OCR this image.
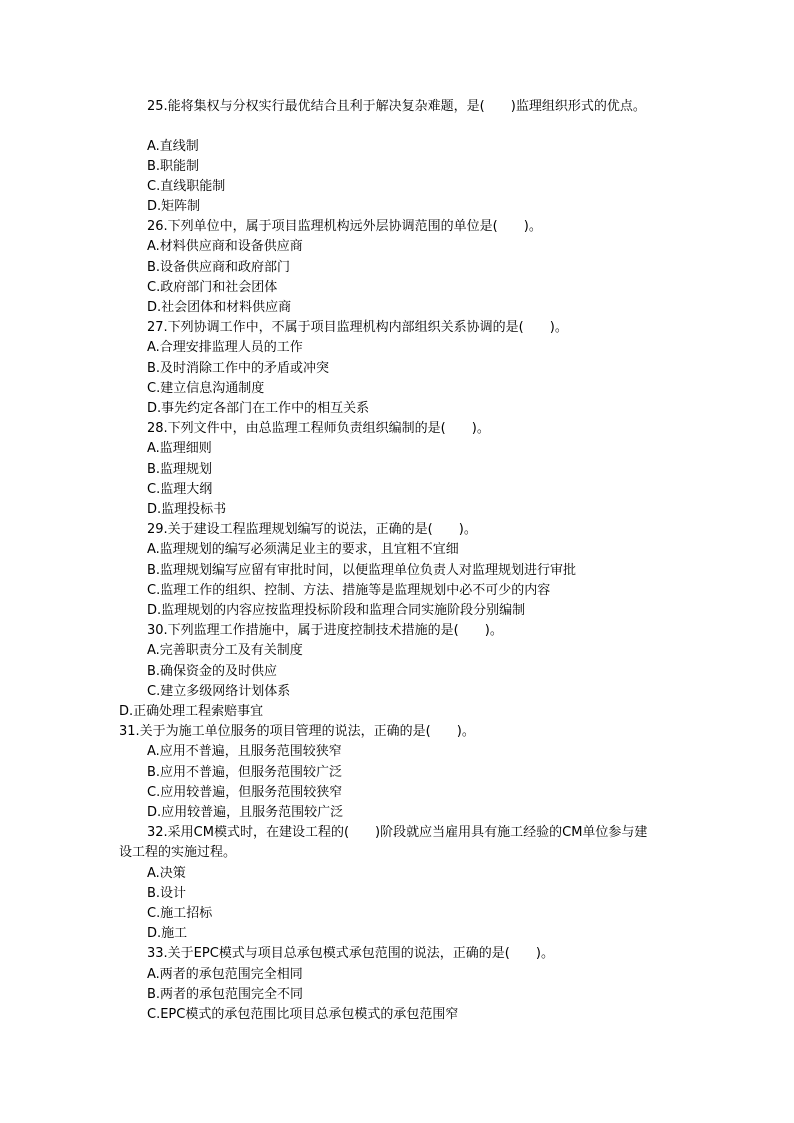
25.能将集权与分权实行最优结合且利于解决复杂难题，是(　　)监理组织形式的优点。
A.直线制
B.职能制
C.直线职能制
D.矩阵制
26.下列单位中，属于项目监理机构远外层协调范围的单位是(　　)。
A.材料供应商和设备供应商
B.设备供应商和政府部门
C.政府部门和社会团体
D.社会团体和材料供应商
27.下列协调工作中，不属于项目监理机构内部组织关系协调的是(　　)。
A.合理安排监理人员的工作
B.及时消除工作中的矛盾或冲突
C.建立信息沟通制度
D.事先约定各部门在工作中的相互关系
28.下列文件中，由总监理工程师负责组织编制的是(　　)。
A.监理细则
B.监理规划
C.监理大纲
D.监理投标书
29.关于建设工程监理规划编写的说法，正确的是(　　)。
A.监理规划的编写必须满足业主的要求，且宜粗不宜细
B.监理规划编写应留有审批时间，以便监理单位负责人对监理规划进行审批
C.监理工作的组织、控制、方法、措施等是监理规划中必不可少的内容
D.监理规划的内容应按监理投标阶段和监理合同实施阶段分别编制
30.下列监理工作措施中，属于进度控制技术措施的是(　　)。
A.完善职责分工及有关制度
B.确保资金的及时供应
C.建立多级网络计划体系
D.正确处理工程索赔事宜
31.关于为施工单位服务的项目管理的说法，正确的是(　　)。
A.应用不普遍，且服务范围较狭窄
B.应用不普遍，但服务范围较广泛
C.应用较普遍，但服务范围较狭窄
D.应用较普遍，且服务范围较广泛
32.采用CM模式时，在建设工程的(　　)阶段就应当雇用具有施工经验的CM单位参与建
设工程的实施过程。
A.决策
B.设计
C.施工招标
D.施工
33.关于EPC模式与项目总承包模式承包范围的说法，正确的是(　　)。
A.两者的承包范围完全相同
B.两者的承包范围完全不同
C.EPC模式的承包范围比项目总承包模式的承包范围窄
